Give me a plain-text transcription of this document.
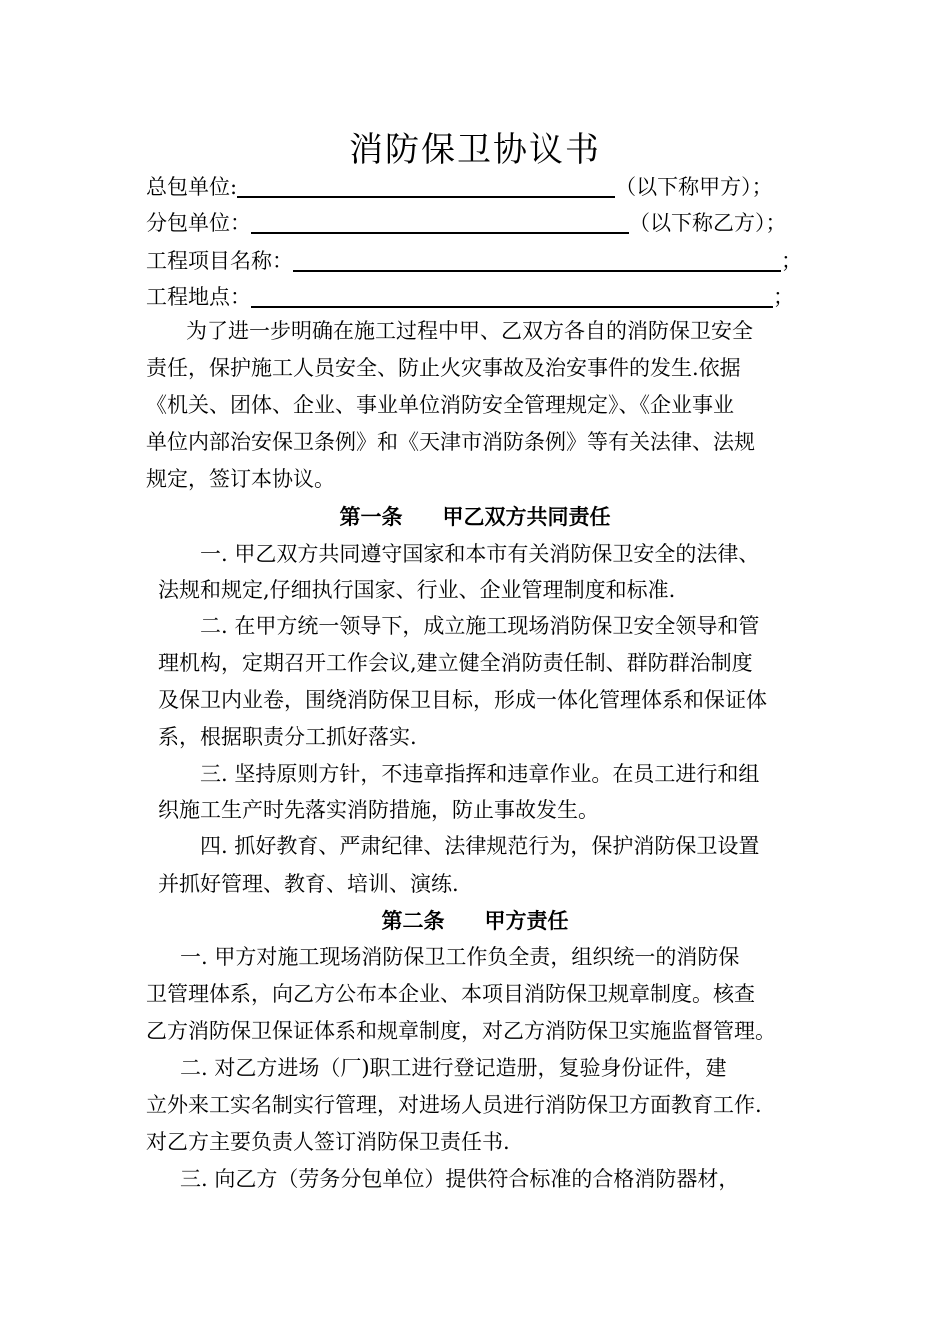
消防保卫协议书
总包单位:	（以下称甲方）；
分包单位：	（以下称乙方）；
工程项目名称：	；
工程地点：	；
为了进一步明确在施工过程中甲、乙双方各自的消防保卫安全
责任，保护施工人员安全、防止火灾事故及治安事件的发生.依据
《机关、团体、企业、事业单位消防安全管理规定》、《企业事业
单位内部治安保卫条例》和《天津市消防条例》等有关法律、法规
规定，签订本协议。
第一条 甲乙双方共同责任
一. 甲乙双方共同遵守国家和本市有关消防保卫安全的法律、
法规和规定,仔细执行国家、行业、企业管理制度和标准.
二. 在甲方统一领导下，成立施工现场消防保卫安全领导和管
理机构，定期召开工作会议,建立健全消防责任制、群防群治制度
及保卫内业卷，围绕消防保卫目标，形成一体化管理体系和保证体
系，根据职责分工抓好落实.
三. 坚持原则方针，不违章指挥和违章作业。在员工进行和组
织施工生产时先落实消防措施，防止事故发生。
四. 抓好教育、严肃纪律、法律规范行为，保护消防保卫设置
并抓好管理、教育、培训、演练.
第二条 甲方责任
一. 甲方对施工现场消防保卫工作负全责，组织统一的消防保
卫管理体系，向乙方公布本企业、本项目消防保卫规章制度。核查
乙方消防保卫保证体系和规章制度，对乙方消防保卫实施监督管理。
二. 对乙方进场（厂)职工进行登记造册，复验身份证件，建
立外来工实名制实行管理，对进场人员进行消防保卫方面教育工作.
对乙方主要负责人签订消防保卫责任书.
三. 向乙方（劳务分包单位）提供符合标准的合格消防器材，
